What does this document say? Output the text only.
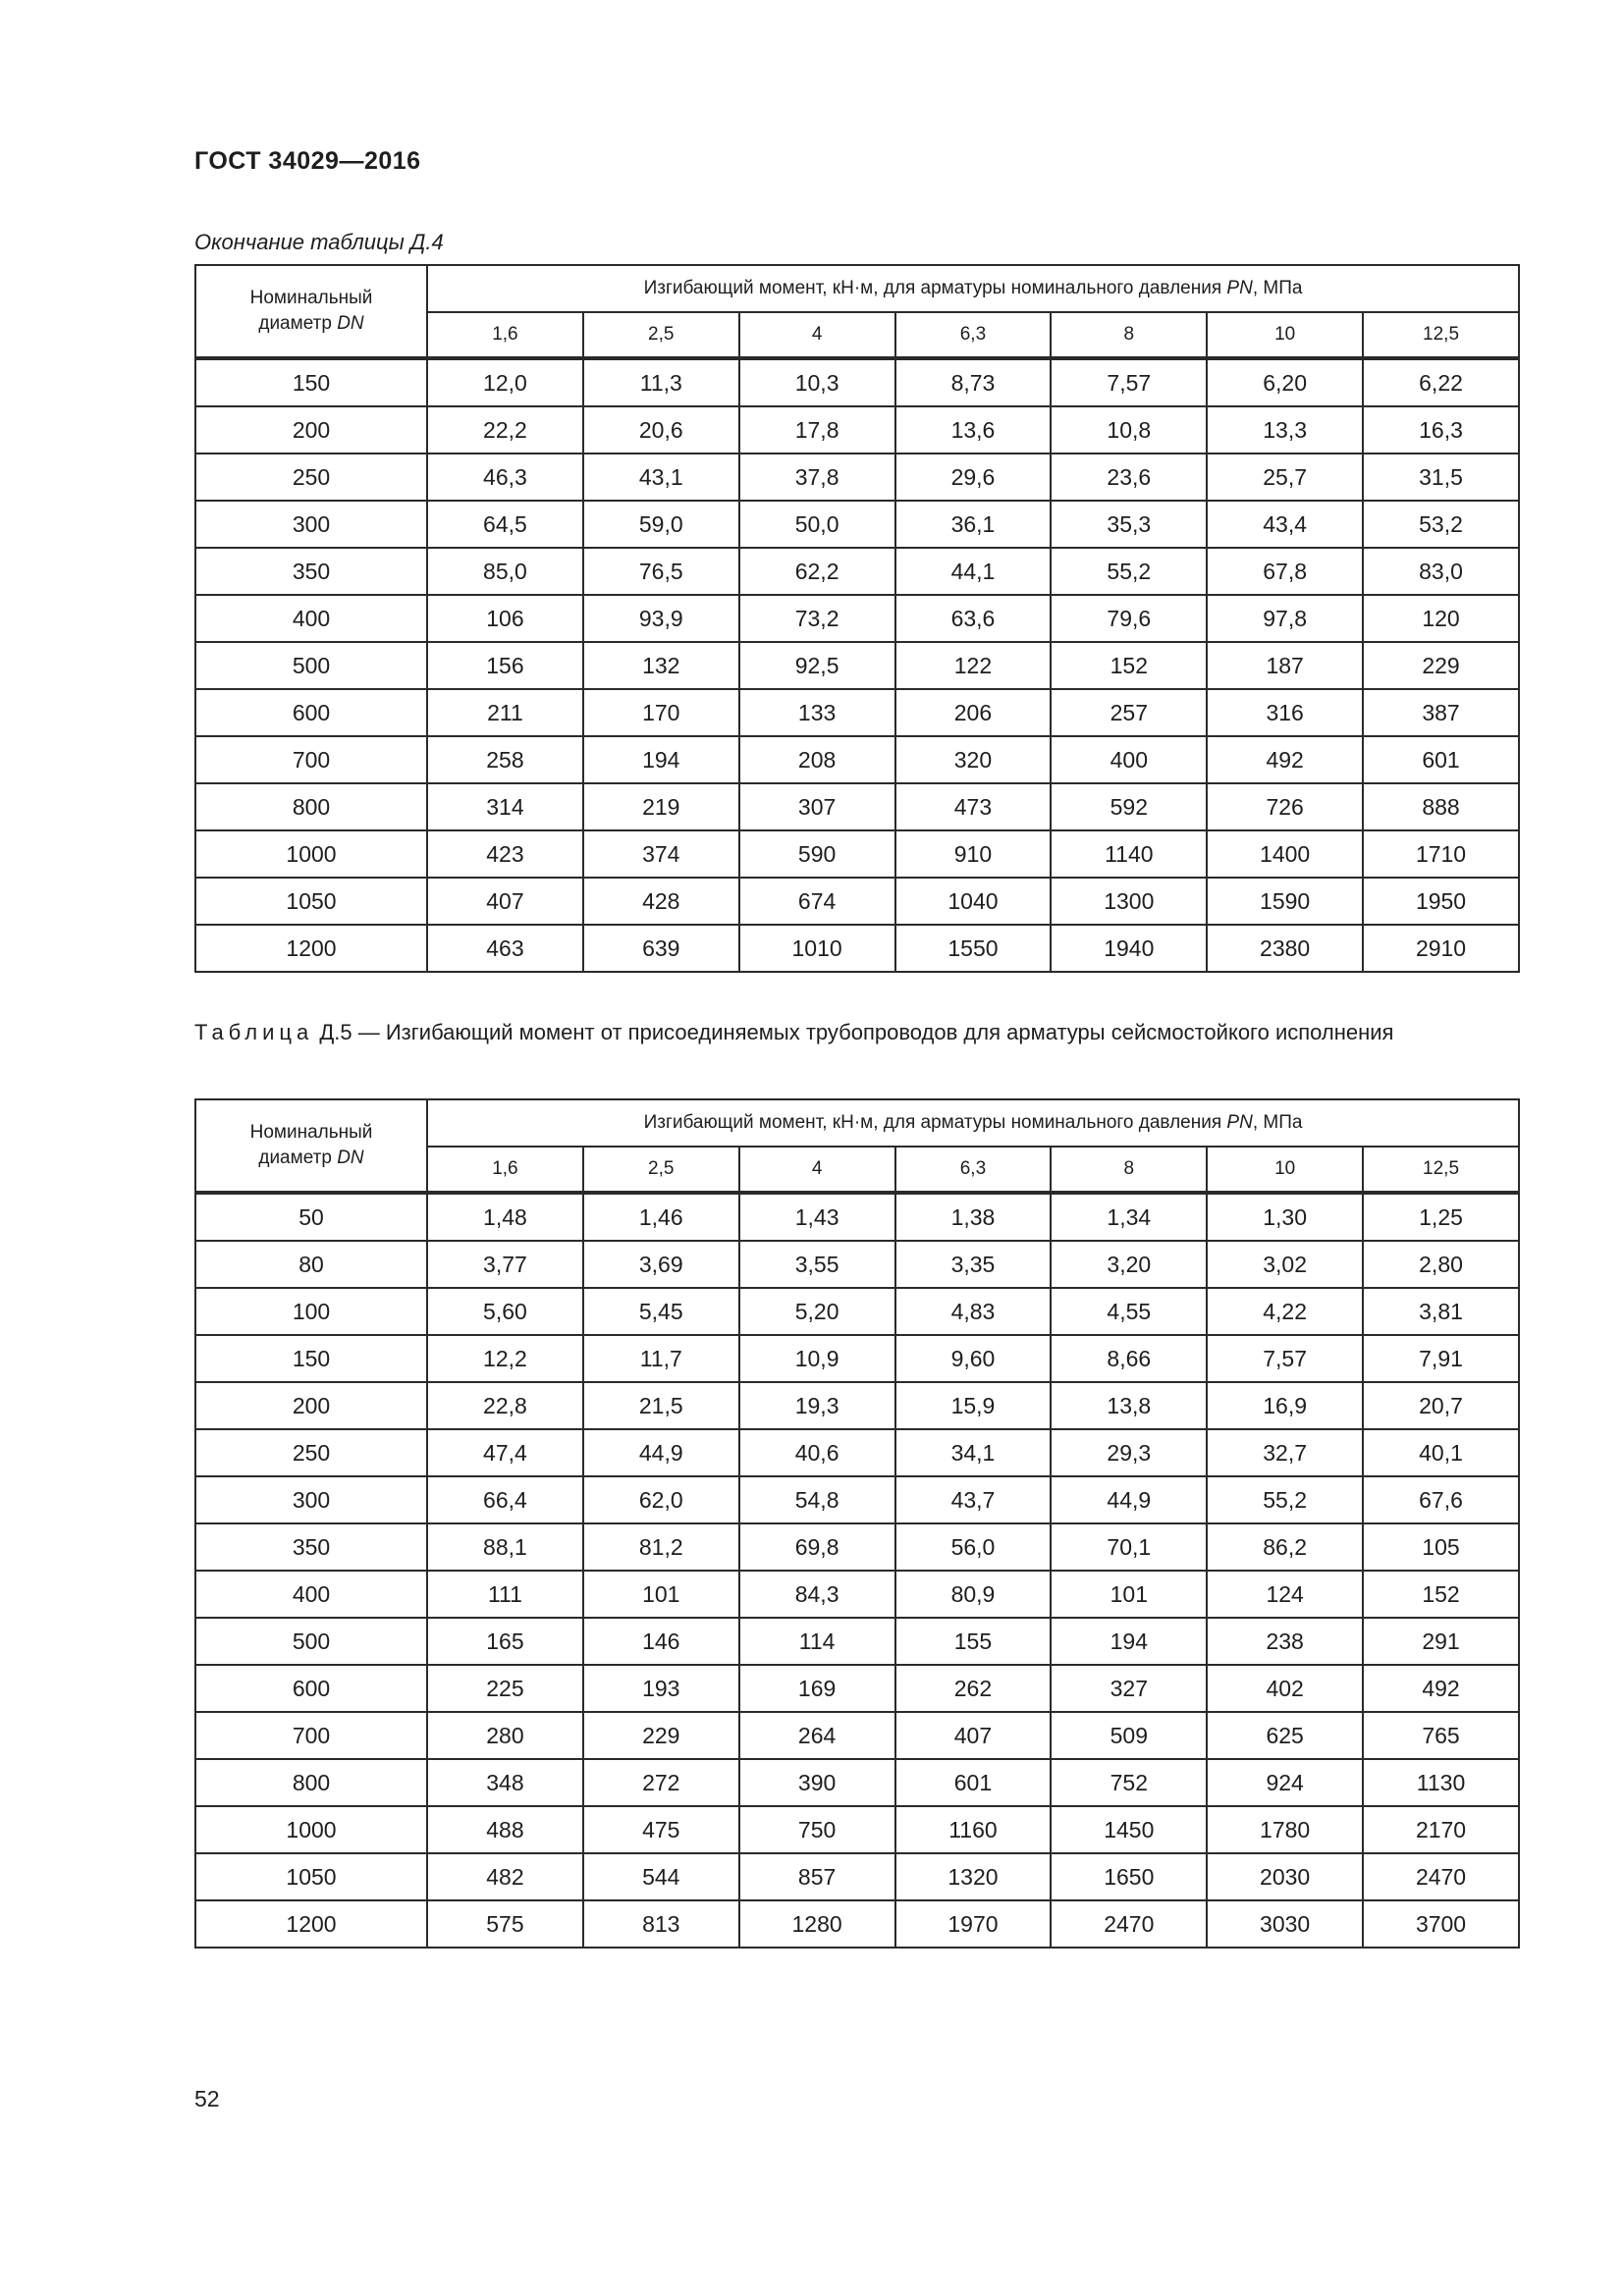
ГОСТ 34029—2016
Окончание таблицы Д.4
Номинальный
диаметр DN	Изгибающий момент, кН·м, для арматуры номинального давления PN, МПа						
	1,6	2,5	4	6,3	8	10	12,5
150	12,0	11,3	10,3	8,73	7,57	6,20	6,22
200	22,2	20,6	17,8	13,6	10,8	13,3	16,3
250	46,3	43,1	37,8	29,6	23,6	25,7	31,5
300	64,5	59,0	50,0	36,1	35,3	43,4	53,2
350	85,0	76,5	62,2	44,1	55,2	67,8	83,0
400	106	93,9	73,2	63,6	79,6	97,8	120
500	156	132	92,5	122	152	187	229
600	211	170	133	206	257	316	387
700	258	194	208	320	400	492	601
800	314	219	307	473	592	726	888
1000	423	374	590	910	1140	1400	1710
1050	407	428	674	1040	1300	1590	1950
1200	463	639	1010	1550	1940	2380	2910
Таблица Д.5 — Изгибающий момент от присоединяемых трубопроводов для арматуры сейсмостойкого исполнения
Номинальный
диаметр DN	Изгибающий момент, кН·м, для арматуры номинального давления PN, МПа						
	1,6	2,5	4	6,3	8	10	12,5
50	1,48	1,46	1,43	1,38	1,34	1,30	1,25
80	3,77	3,69	3,55	3,35	3,20	3,02	2,80
100	5,60	5,45	5,20	4,83	4,55	4,22	3,81
150	12,2	11,7	10,9	9,60	8,66	7,57	7,91
200	22,8	21,5	19,3	15,9	13,8	16,9	20,7
250	47,4	44,9	40,6	34,1	29,3	32,7	40,1
300	66,4	62,0	54,8	43,7	44,9	55,2	67,6
350	88,1	81,2	69,8	56,0	70,1	86,2	105
400	111	101	84,3	80,9	101	124	152
500	165	146	114	155	194	238	291
600	225	193	169	262	327	402	492
700	280	229	264	407	509	625	765
800	348	272	390	601	752	924	1130
1000	488	475	750	1160	1450	1780	2170
1050	482	544	857	1320	1650	2030	2470
1200	575	813	1280	1970	2470	3030	3700
52
